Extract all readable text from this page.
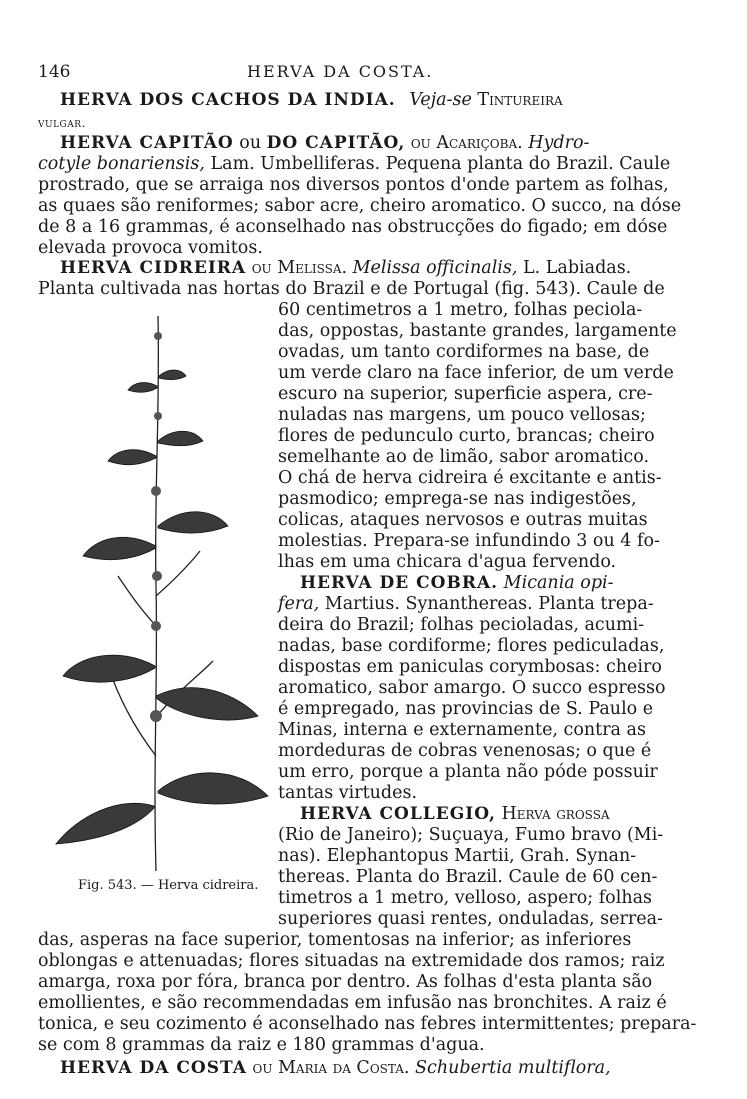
146	HERVA DA COSTA.
HERVA DOS CACHOS DA INDIA. Veja-se Tintureira
vulgar.
HERVA CAPITÃO ou DO CAPITÃO, ou Acariçoba. Hydro-
cotyle bonariensis, Lam. Umbelliferas. Pequena planta do Brazil. Caule
prostrado, que se arraiga nos diversos pontos d'onde partem as folhas,
as quaes são reniformes; sabor acre, cheiro aromatico. O succo, na dóse
de 8 a 16 grammas, é aconselhado nas obstrucções do figado; em dóse
elevada provoca vomitos.
HERVA CIDREIRA ou Melissa. Melissa officinalis, L. Labiadas.
Planta cultivada nas hortas do Brazil e de Portugal (fig. 543). Caule de
60 centimetros a 1 metro, folhas peciola-
das, oppostas, bastante grandes, largamente
ovadas, um tanto cordiformes na base, de
um verde claro na face inferior, de um verde
escuro na superior, superficie aspera, cre-
nuladas nas margens, um pouco vellosas;
flores de pedunculo curto, brancas; cheiro
semelhante ao de limão, sabor aromatico.
O chá de herva cidreira é excitante e antis-
pasmodico; emprega-se nas indigestões,
colicas, ataques nervosos e outras muitas
molestias. Prepara-se infundindo 3 ou 4 fo-
lhas em uma chicara d'agua fervendo.
HERVA DE COBRA. Micania opi-
fera, Martius. Synanthereas. Planta trepa-
deira do Brazil; folhas pecioladas, acumi-
nadas, base cordiforme; flores pediculadas,
dispostas em paniculas corymbosas: cheiro
aromatico, sabor amargo. O succo espresso
é empregado, nas provincias de S. Paulo e
Minas, interna e externamente, contra as
mordeduras de cobras venenosas; o que é
um erro, porque a planta não póde possuir
tantas virtudes.
HERVA COLLEGIO, Herva grossa
(Rio de Janeiro); Suçuaya, Fumo bravo (Mi-
nas). Elephantopus Martii, Grah. Synan-
thereas. Planta do Brazil. Caule de 60 cen-
timetros a 1 metro, velloso, aspero; folhas
superiores quasi rentes, onduladas, serrea-
das, asperas na face superior, tomentosas na inferior; as inferiores
oblongas e attenuadas; flores situadas na extremidade dos ramos; raiz
amarga, roxa por fóra, branca por dentro. As folhas d'esta planta são
emollientes, e são recommendadas em infusão nas bronchites. A raiz é
tonica, e seu cozimento é aconselhado nas febres intermittentes; prepara-
se com 8 grammas da raiz e 180 grammas d'agua.
HERVA DA COSTA ou Maria da Costa. Schubertia multiflora,
Fig. 543. — Herva cidreira.
